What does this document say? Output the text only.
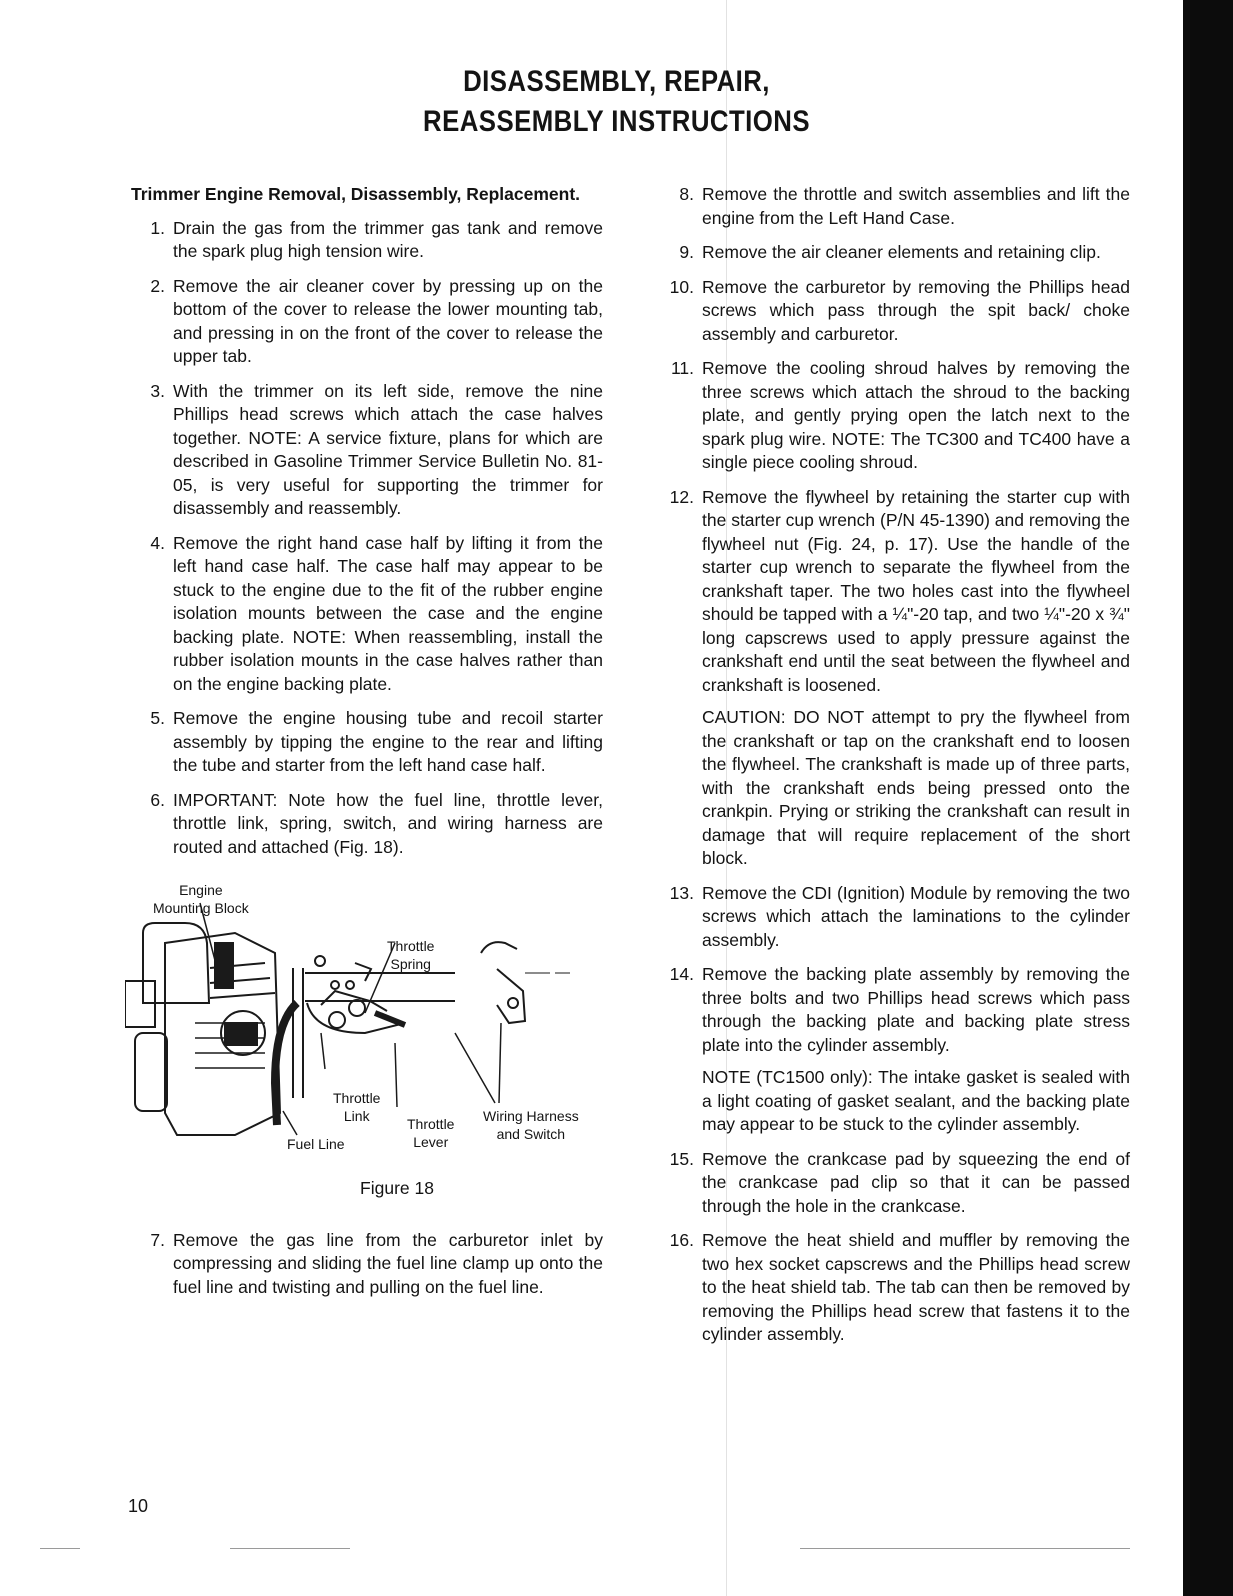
DISASSEMBLY, REPAIR,
REASSEMBLY INSTRUCTIONS
Trimmer Engine Removal, Disassembly, Replacement.
1. Drain the gas from the trimmer gas tank and remove the spark plug high tension wire.
2. Remove the air cleaner cover by pressing up on the bottom of the cover to release the lower mounting tab, and pressing in on the front of the cover to release the upper tab.
3. With the trimmer on its left side, remove the nine Phillips head screws which attach the case halves together. NOTE: A service fixture, plans for which are described in Gasoline Trimmer Service Bulletin No. 81-05, is very useful for supporting the trimmer for disassembly and reassembly.
4. Remove the right hand case half by lifting it from the left hand case half. The case half may appear to be stuck to the engine due to the fit of the rubber engine isolation mounts between the case and the engine backing plate. NOTE: When reassembling, install the rubber isolation mounts in the case halves rather than on the engine backing plate.
5. Remove the engine housing tube and recoil starter assembly by tipping the engine to the rear and lifting the tube and starter from the left hand case half.
6. IMPORTANT: Note how the fuel line, throttle lever, throttle link, spring, switch, and wiring harness are routed and attached (Fig. 18).
Engine
Mounting Block
Throttle
Spring
Throttle
Link	Throttle
Lever
Wiring Harness
and Switch
Fuel Line
Figure 18
7. Remove the gas line from the carburetor inlet by compressing and sliding the fuel line clamp up onto the fuel line and twisting and pulling on the fuel line.
8. Remove the throttle and switch assemblies and lift the engine from the Left Hand Case.
9. Remove the air cleaner elements and retaining clip.
10. Remove the carburetor by removing the Phillips head screws which pass through the spit back/ choke assembly and carburetor.
11. Remove the cooling shroud halves by removing the three screws which attach the shroud to the backing plate, and gently prying open the latch next to the spark plug wire. NOTE: The TC300 and TC400 have a single piece cooling shroud.
12. Remove the flywheel by retaining the starter cup with the starter cup wrench (P/N 45-1390) and removing the flywheel nut (Fig. 24, p. 17). Use the handle of the starter cup wrench to separate the flywheel from the crankshaft taper. The two holes cast into the flywheel should be tapped with a ¼"-20 tap, and two ¼"-20 x ¾" long capscrews used to apply pressure against the crankshaft end until the seat between the flywheel and crankshaft is loosened.

CAUTION: DO NOT attempt to pry the flywheel from the crankshaft or tap on the crankshaft end to loosen the flywheel. The crankshaft is made up of three parts, with the crankshaft ends being pressed onto the crankpin. Prying or striking the crankshaft can result in damage that will require replacement of the short block.

13. Remove the CDI (Ignition) Module by removing the two screws which attach the laminations to the cylinder assembly.
14. Remove the backing plate assembly by removing the three bolts and two Phillips head screws which pass through the backing plate and backing plate stress plate into the cylinder assembly.

NOTE (TC1500 only): The intake gasket is sealed with a light coating of gasket sealant, and the backing plate may appear to be stuck to the cylinder assembly.

15. Remove the crankcase pad by squeezing the end of the crankcase pad clip so that it can be passed through the hole in the crankcase.
16. Remove the heat shield and muffler by removing the two hex socket capscrews and the Phillips head screw to the heat shield tab. The tab can then be removed by removing the Phillips head screw that fastens it to the cylinder assembly.
10
